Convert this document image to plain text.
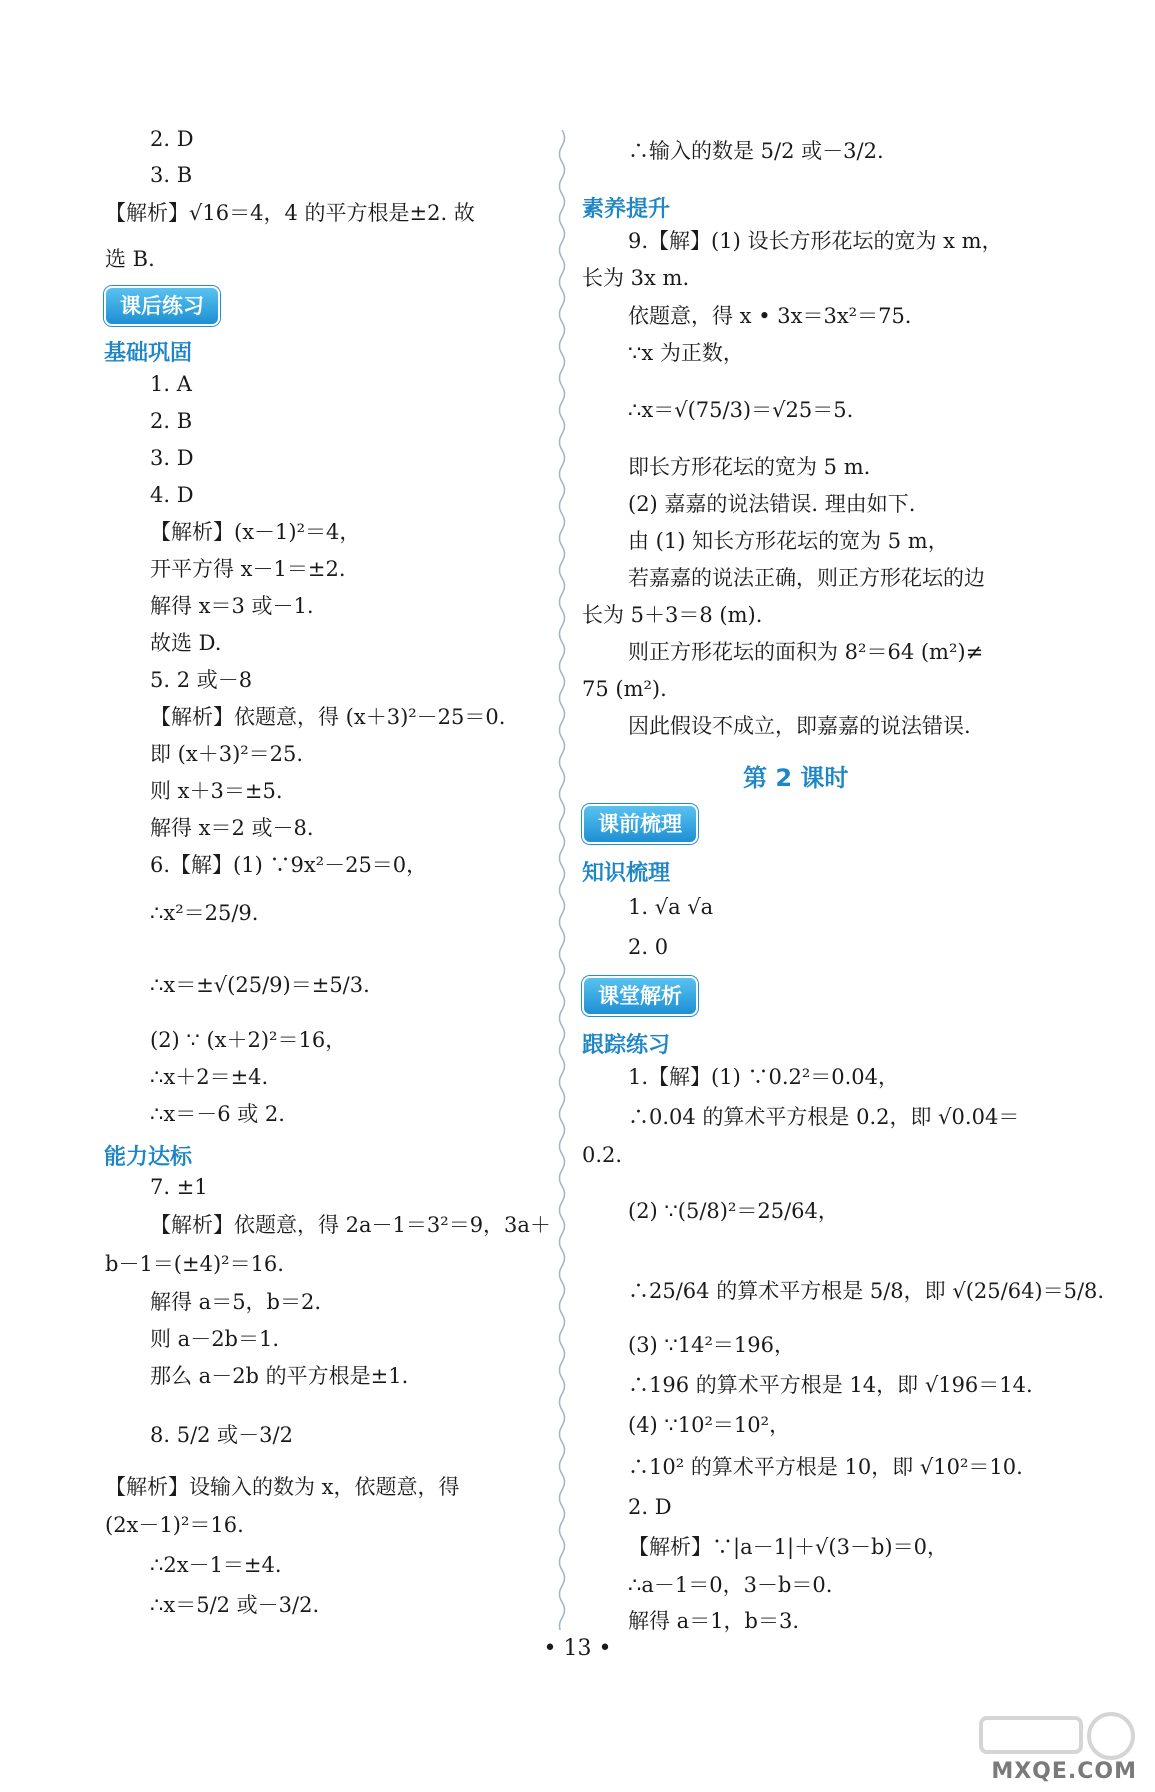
2. D
3. B
【解析】√16＝4，4 的平方根是±2. 故
选 B.
课后练习
基础巩固
1. A
2. B
3. D
4. D
【解析】(x－1)²＝4，
开平方得 x－1＝±2.
解得 x＝3 或－1.
故选 D.
5. 2 或－8
【解析】依题意，得 (x＋3)²－25＝0.
即 (x＋3)²＝25.
则 x＋3＝±5.
解得 x＝2 或－8.
6.【解】(1) ∵9x²－25＝0，
∴x²＝25/9.
∴x＝±√(25/9)＝±5/3.
(2) ∵ (x＋2)²＝16，
∴x＋2＝±4.
∴x＝－6 或 2.
能力达标
7. ±1
【解析】依题意，得 2a－1＝3²＝9，3a＋
b－1＝(±4)²＝16.
解得 a＝5，b＝2.
则 a－2b＝1.
那么 a－2b 的平方根是±1.
8. 5/2 或－3/2
【解析】设输入的数为 x，依题意，得
(2x－1)²＝16.
∴2x－1＝±4.
∴x＝5/2 或－3/2.
∴输入的数是 5/2 或－3/2.
素养提升
9.【解】(1) 设长方形花坛的宽为 x m，
长为 3x m.
依题意，得 x • 3x＝3x²＝75.
∵x 为正数，
∴x＝√(75/3)＝√25＝5.
即长方形花坛的宽为 5 m.
(2) 嘉嘉的说法错误. 理由如下.
由 (1) 知长方形花坛的宽为 5 m，
若嘉嘉的说法正确，则正方形花坛的边
长为 5＋3＝8 (m).
则正方形花坛的面积为 8²＝64 (m²)≠
75 (m²).
因此假设不成立，即嘉嘉的说法错误.
第 2 课时
课前梳理
知识梳理
1. √a √a
2. 0
课堂解析
跟踪练习
1.【解】(1) ∵0.2²＝0.04，
∴0.04 的算术平方根是 0.2，即 √0.04＝
0.2.
(2) ∵(5/8)²＝25/64，
∴25/64 的算术平方根是 5/8，即 √(25/64)＝5/8.
(3) ∵14²＝196，
∴196 的算术平方根是 14，即 √196＝14.
(4) ∵10²＝10²，
∴10² 的算术平方根是 10，即 √10²＝10.
2. D
【解析】∵|a－1|＋√(3－b)＝0，
∴a－1＝0，3－b＝0.
解得 a＝1，b＝3.
• 13 •
MXQE.COM
